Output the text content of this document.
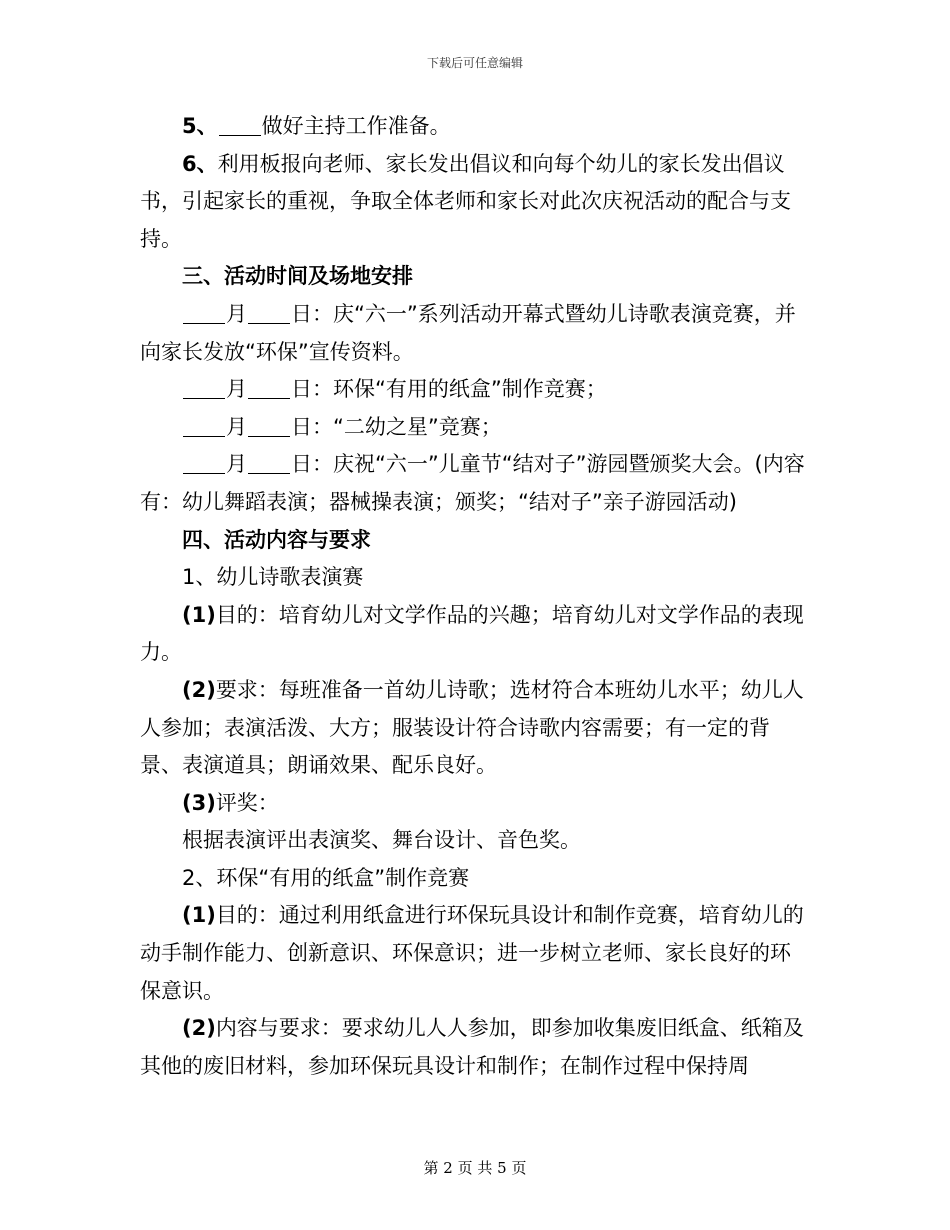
下载后可任意编辑

5、 做好主持工作准备。

6、利用板报向老师、家长发出倡议和向每个幼儿的家长发出倡议书，引起家长的重视，争取全体老师和家长对此次庆祝活动的配合与支持。

三、活动时间及场地安排

月 日：庆“六一”系列活动开幕式暨幼儿诗歌表演竞赛，并向家长发放“环保”宣传资料。

月 日：环保“有用的纸盒”制作竞赛；

月 日：“二幼之星”竞赛；

月 日：庆祝“六一”儿童节“结对子”游园暨颁奖大会。(内容有：幼儿舞蹈表演；器械操表演；颁奖；“结对子”亲子游园活动)

四、活动内容与要求

1、幼儿诗歌表演赛

(1)目的：培育幼儿对文学作品的兴趣；培育幼儿对文学作品的表现力。

(2)要求：每班准备一首幼儿诗歌；选材符合本班幼儿水平；幼儿人人参加；表演活泼、大方；服装设计符合诗歌内容需要；有一定的背景、表演道具；朗诵效果、配乐良好。

(3)评奖：

根据表演评出表演奖、舞台设计、音色奖。

2、环保“有用的纸盒”制作竞赛

(1)目的：通过利用纸盒进行环保玩具设计和制作竞赛，培育幼儿的动手制作能力、创新意识、环保意识；进一步树立老师、家长良好的环保意识。

(2)内容与要求：要求幼儿人人参加，即参加收集废旧纸盒、纸箱及其他的废旧材料，参加环保玩具设计和制作；在制作过程中保持周

第 2 页 共 5 页
